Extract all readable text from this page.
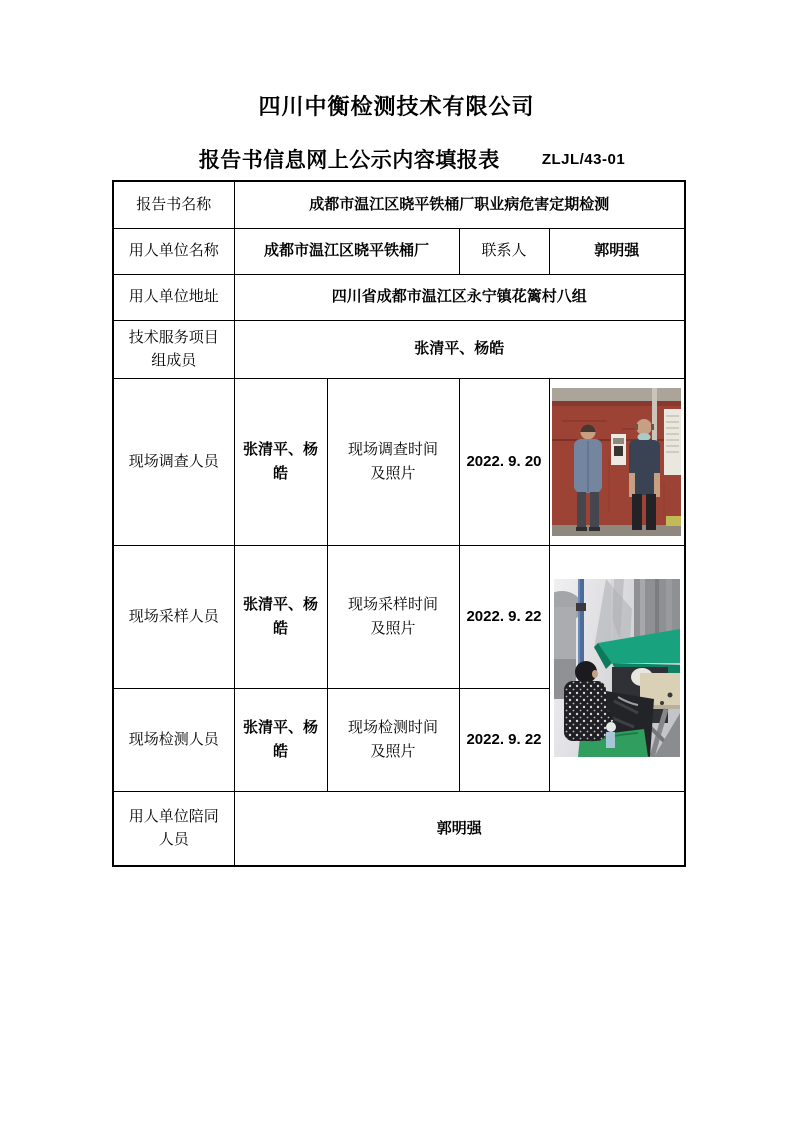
四川中衡检测技术有限公司
报告书信息网上公示内容填报表	ZLJL/43-01
报告书名称	成都市温江区晓平铁桶厂职业病危害定期检测			
用人单位名称	成都市温江区晓平铁桶厂		联系人	郭明强
用人单位地址	四川省成都市温江区永宁镇花篱村八组			
技术服务项目组成员	张清平、杨皓			
现场调查人员	张清平、杨皓	现场调查时间及照片	2022. 9. 20	

现场采样人员	张清平、杨皓	现场采样时间及照片	2022. 9. 22	

现场检测人员	张清平、杨皓	现场检测时间及照片	2022. 9. 22	
用人单位陪同人员	郭明强			
